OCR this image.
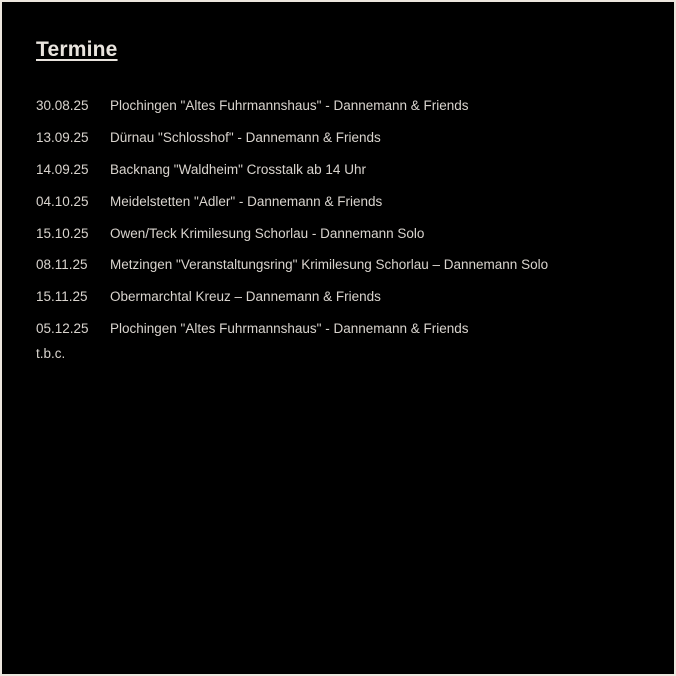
Termine
30.08.25	Plochingen "Altes Fuhrmannshaus" - Dannemann & Friends
13.09.25	Dürnau "Schlosshof" - Dannemann & Friends
14.09.25	Backnang "Waldheim" Crosstalk ab 14 Uhr
04.10.25	Meidelstetten "Adler" - Dannemann & Friends
15.10.25	Owen/Teck Krimilesung Schorlau - Dannemann Solo
08.11.25	Metzingen "Veranstaltungsring" Krimilesung Schorlau – Dannemann Solo
15.11.25	Obermarchtal Kreuz – Dannemann & Friends
05.12.25	Plochingen "Altes Fuhrmannshaus" - Dannemann & Friends
t.b.c.
